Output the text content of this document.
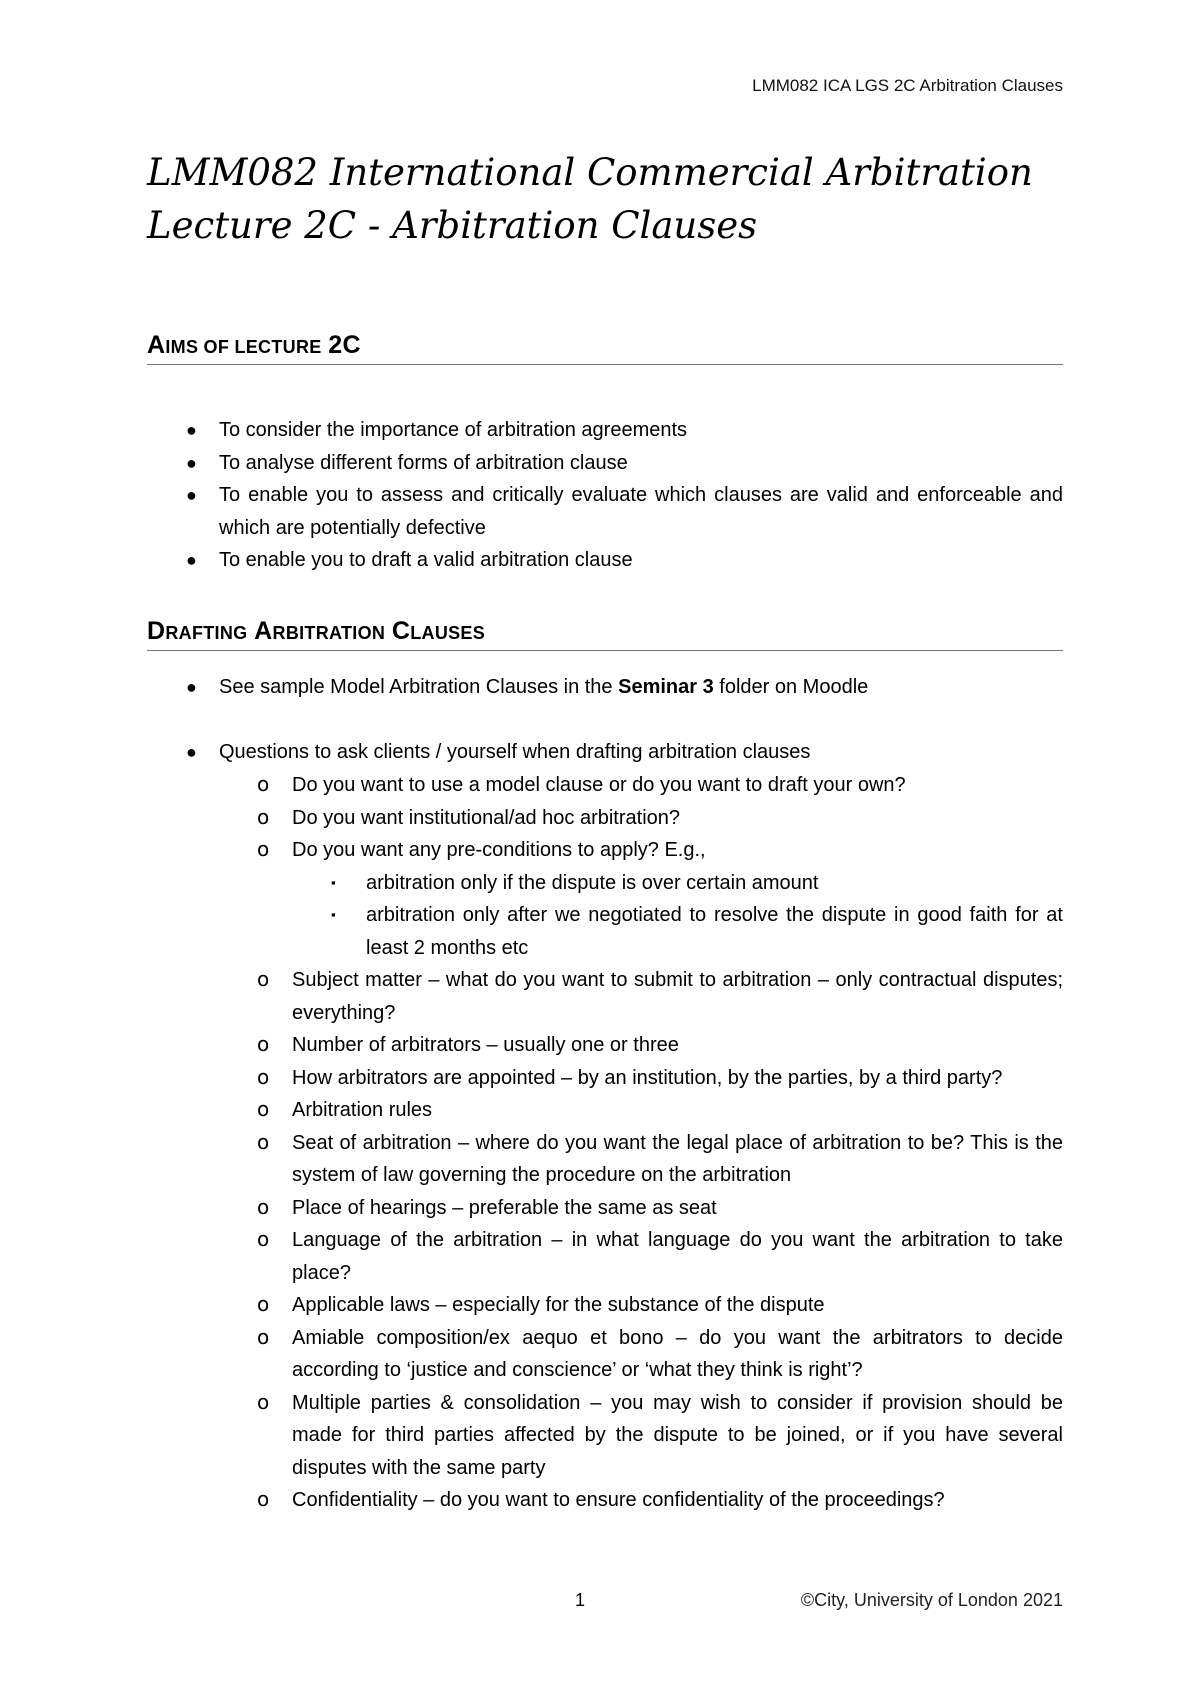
LMM082 ICA LGS 2C Arbitration Clauses
LMM082 International Commercial Arbitration
Lecture 2C - Arbitration Clauses
AIMS OF LECTURE 2C
● To consider the importance of arbitration agreements
● To analyse different forms of arbitration clause
● To enable you to assess and critically evaluate which clauses are valid and enforceable and which are potentially defective
● To enable you to draft a valid arbitration clause
DRAFTING ARBITRATION CLAUSES
● See sample Model Arbitration Clauses in the Seminar 3 folder on Moodle
● Questions to ask clients / yourself when drafting arbitration clauses
o Do you want to use a model clause or do you want to draft your own?
o Do you want institutional/ad hoc arbitration?
o Do you want any pre-conditions to apply? E.g.,
▪ arbitration only if the dispute is over certain amount
▪ arbitration only after we negotiated to resolve the dispute in good faith for at least 2 months etc
o Subject matter – what do you want to submit to arbitration – only contractual disputes; everything?
o Number of arbitrators – usually one or three
o How arbitrators are appointed – by an institution, by the parties, by a third party?
o Arbitration rules
o Seat of arbitration – where do you want the legal place of arbitration to be? This is the system of law governing the procedure on the arbitration
o Place of hearings – preferable the same as seat
o Language of the arbitration – in what language do you want the arbitration to take place?
o Applicable laws – especially for the substance of the dispute
o Amiable composition/ex aequo et bono – do you want the arbitrators to decide according to ‘justice and conscience’ or ‘what they think is right’?
o Multiple parties & consolidation – you may wish to consider if provision should be made for third parties affected by the dispute to be joined, or if you have several disputes with the same party
o Confidentiality – do you want to ensure confidentiality of the proceedings?
1	©City, University of London 2021
